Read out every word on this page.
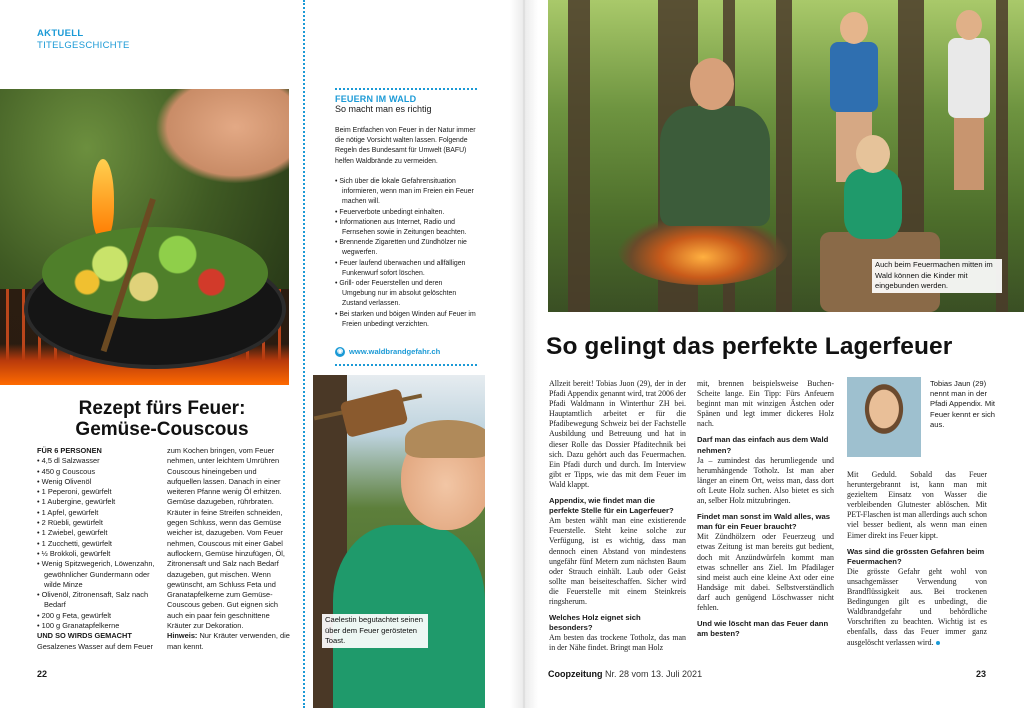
AKTUELL
TITELGESCHICHTE
FEUERN IM WALD
So macht man es richtig
Beim Entfachen von Feuer in der Natur immer die nötige Vorsicht walten lassen. Folgende Regeln des Bundesamt für Umwelt (BAFU) helfen Waldbrände zu vermeiden.
• Sich über die lokale Gefahrensituation informieren, wenn man im Freien ein Feuer machen will.
• Feuerverbote unbedingt einhalten.
• Informationen aus Internet, Radio und Fernsehen sowie in Zeitungen beachten.
• Brennende Zigaretten und Zündhölzer nie wegwerfen.
• Feuer laufend überwachen und allfälligen Funkenwurf sofort löschen.
• Grill- oder Feuerstellen und deren Umgebung nur im absolut gelöschten Zustand verlassen.
• Bei starken und böigen Winden auf Feuer im Freien unbedingt verzichten.
◉ www.waldbrandgefahr.ch
Caelestin begutachtet seinen über dem Feuer gerösteten Toast.
Auch beim Feuermachen mitten im Wald können die Kinder mit eingebunden werden.
Rezept fürs Feuer:
Gemüse-Couscous
FÜR 6 PERSONEN
• 4,5 dl Salzwasser
• 450 g Couscous
• Wenig Olivenöl
• 1 Peperoni, gewürfelt
• 1 Aubergine, gewürfelt
• 1 Apfel, gewürfelt
• 2 Rüebli, gewürfelt
• 1 Zwiebel, gewürfelt
• 1 Zucchetti, gewürfelt
• ½ Brokkoli, gewürfelt
• Wenig Spitzwegerich, Löwenzahn, gewöhnlicher Gundermann oder wilde Minze
• Olivenöl, Zitronensaft, Salz nach Bedarf
• 200 g Feta, gewürfelt
• 100 g Granatapfelkerne
UND SO WIRDS GEMACHT
Gesalzenes Wasser auf dem Feuer
zum Kochen bringen, vom Feuer nehmen, unter leichtem Umrühren Couscous hineingeben und aufquellen lassen. Danach in einer weiteren Pfanne wenig Öl erhitzen. Gemüse dazugeben, rührbraten. Kräuter in feine Streifen schneiden, gegen Schluss, wenn das Gemüse weicher ist, dazugeben. Vom Feuer nehmen, Couscous mit einer Gabel auflockern, Gemüse hinzufügen, Öl, Zitronensaft und Salz nach Bedarf dazugeben, gut mischen. Wenn gewünscht, am Schluss Feta und Granatapfelkerne zum Gemüse-Couscous geben. Gut eignen sich auch ein paar fein geschnittene Kräuter zur Dekoration.
Hinweis: Nur Kräuter verwenden, die man kennt.
So gelingt das perfekte Lagerfeuer
Allzeit bereit! Tobias Juon (29), der in der Pfadi Appendix genannt wird, trat 2006 der Pfadi Waldmann in Winterthur ZH bei. Hauptamtlich arbeitet er für die Pfadibewegung Schweiz bei der Fachstelle Ausbildung und Betreuung und hat in dieser Rolle das Dossier Pfaditechnik bei sich. Dazu gehört auch das Feuermachen. Ein Pfadi durch und durch. Im Interview gibt er Tipps, wie das mit dem Feuer im Wald klappt.
Appendix, wie findet man die perfekte Stelle für ein Lagerfeuer?
Am besten wählt man eine existierende Feuerstelle. Steht keine solche zur Verfügung, ist es wichtig, dass man dennoch einen Abstand von mindestens ungefähr fünf Metern zum nächsten Baum oder Strauch einhält. Laub oder Geäst sollte man beiseiteschaffen. Sicher wird die Feuerstelle mit einem Steinkreis ringsherum.
Welches Holz eignet sich besonders?
Am besten das trockene Totholz, das man in der Nähe findet. Bringt man Holz
mit, brennen beispielsweise Buchen-Scheite lange. Ein Tipp: Fürs Anfeuern beginnt man mit winzigen Ästchen oder Spänen und legt immer dickeres Holz nach.
Darf man das einfach aus dem Wald nehmen?
Ja – zumindest das herumliegende und herumhängende Totholz. Ist man aber länger an einem Ort, weiss man, dass dort oft Leute Holz suchen. Also bietet es sich an, selber Holz mitzubringen.
Findet man sonst im Wald alles, was man für ein Feuer braucht?
Mit Zündhölzern oder Feuerzeug und etwas Zeitung ist man bereits gut bedient, doch mit Anzündwürfeln kommt man etwas schneller ans Ziel. Im Pfadilager sind meist auch eine kleine Axt oder eine Handsäge mit dabei. Selbstverständlich darf auch genügend Löschwasser nicht fehlen.
Und wie löscht man das Feuer dann am besten?
Tobias Jaun (29) nennt man in der Pfadi Appendix. Mit Feuer kennt er sich aus.
Mit Geduld. Sobald das Feuer heruntergebrannt ist, kann man mit gezieltem Einsatz von Wasser die verbleibenden Glutnester ablöschen. Mit PET-Flaschen ist man allerdings auch schon viel besser bedient, als wenn man einen Eimer direkt ins Feuer kippt.
Was sind die grössten Gefahren beim Feuermachen?
Die grösste Gefahr geht wohl von unsachgemässer Verwendung von Brandflüssigkeit aus. Bei trockenen Bedingungen gilt es unbedingt, die Waldbrandgefahr und behördliche Vorschriften zu beachten. Wichtig ist es ebenfalls, dass das Feuer immer ganz ausgelöscht verlassen wird.
22	Coopzeitung Nr. 28 vom 13. Juli 2021	23
